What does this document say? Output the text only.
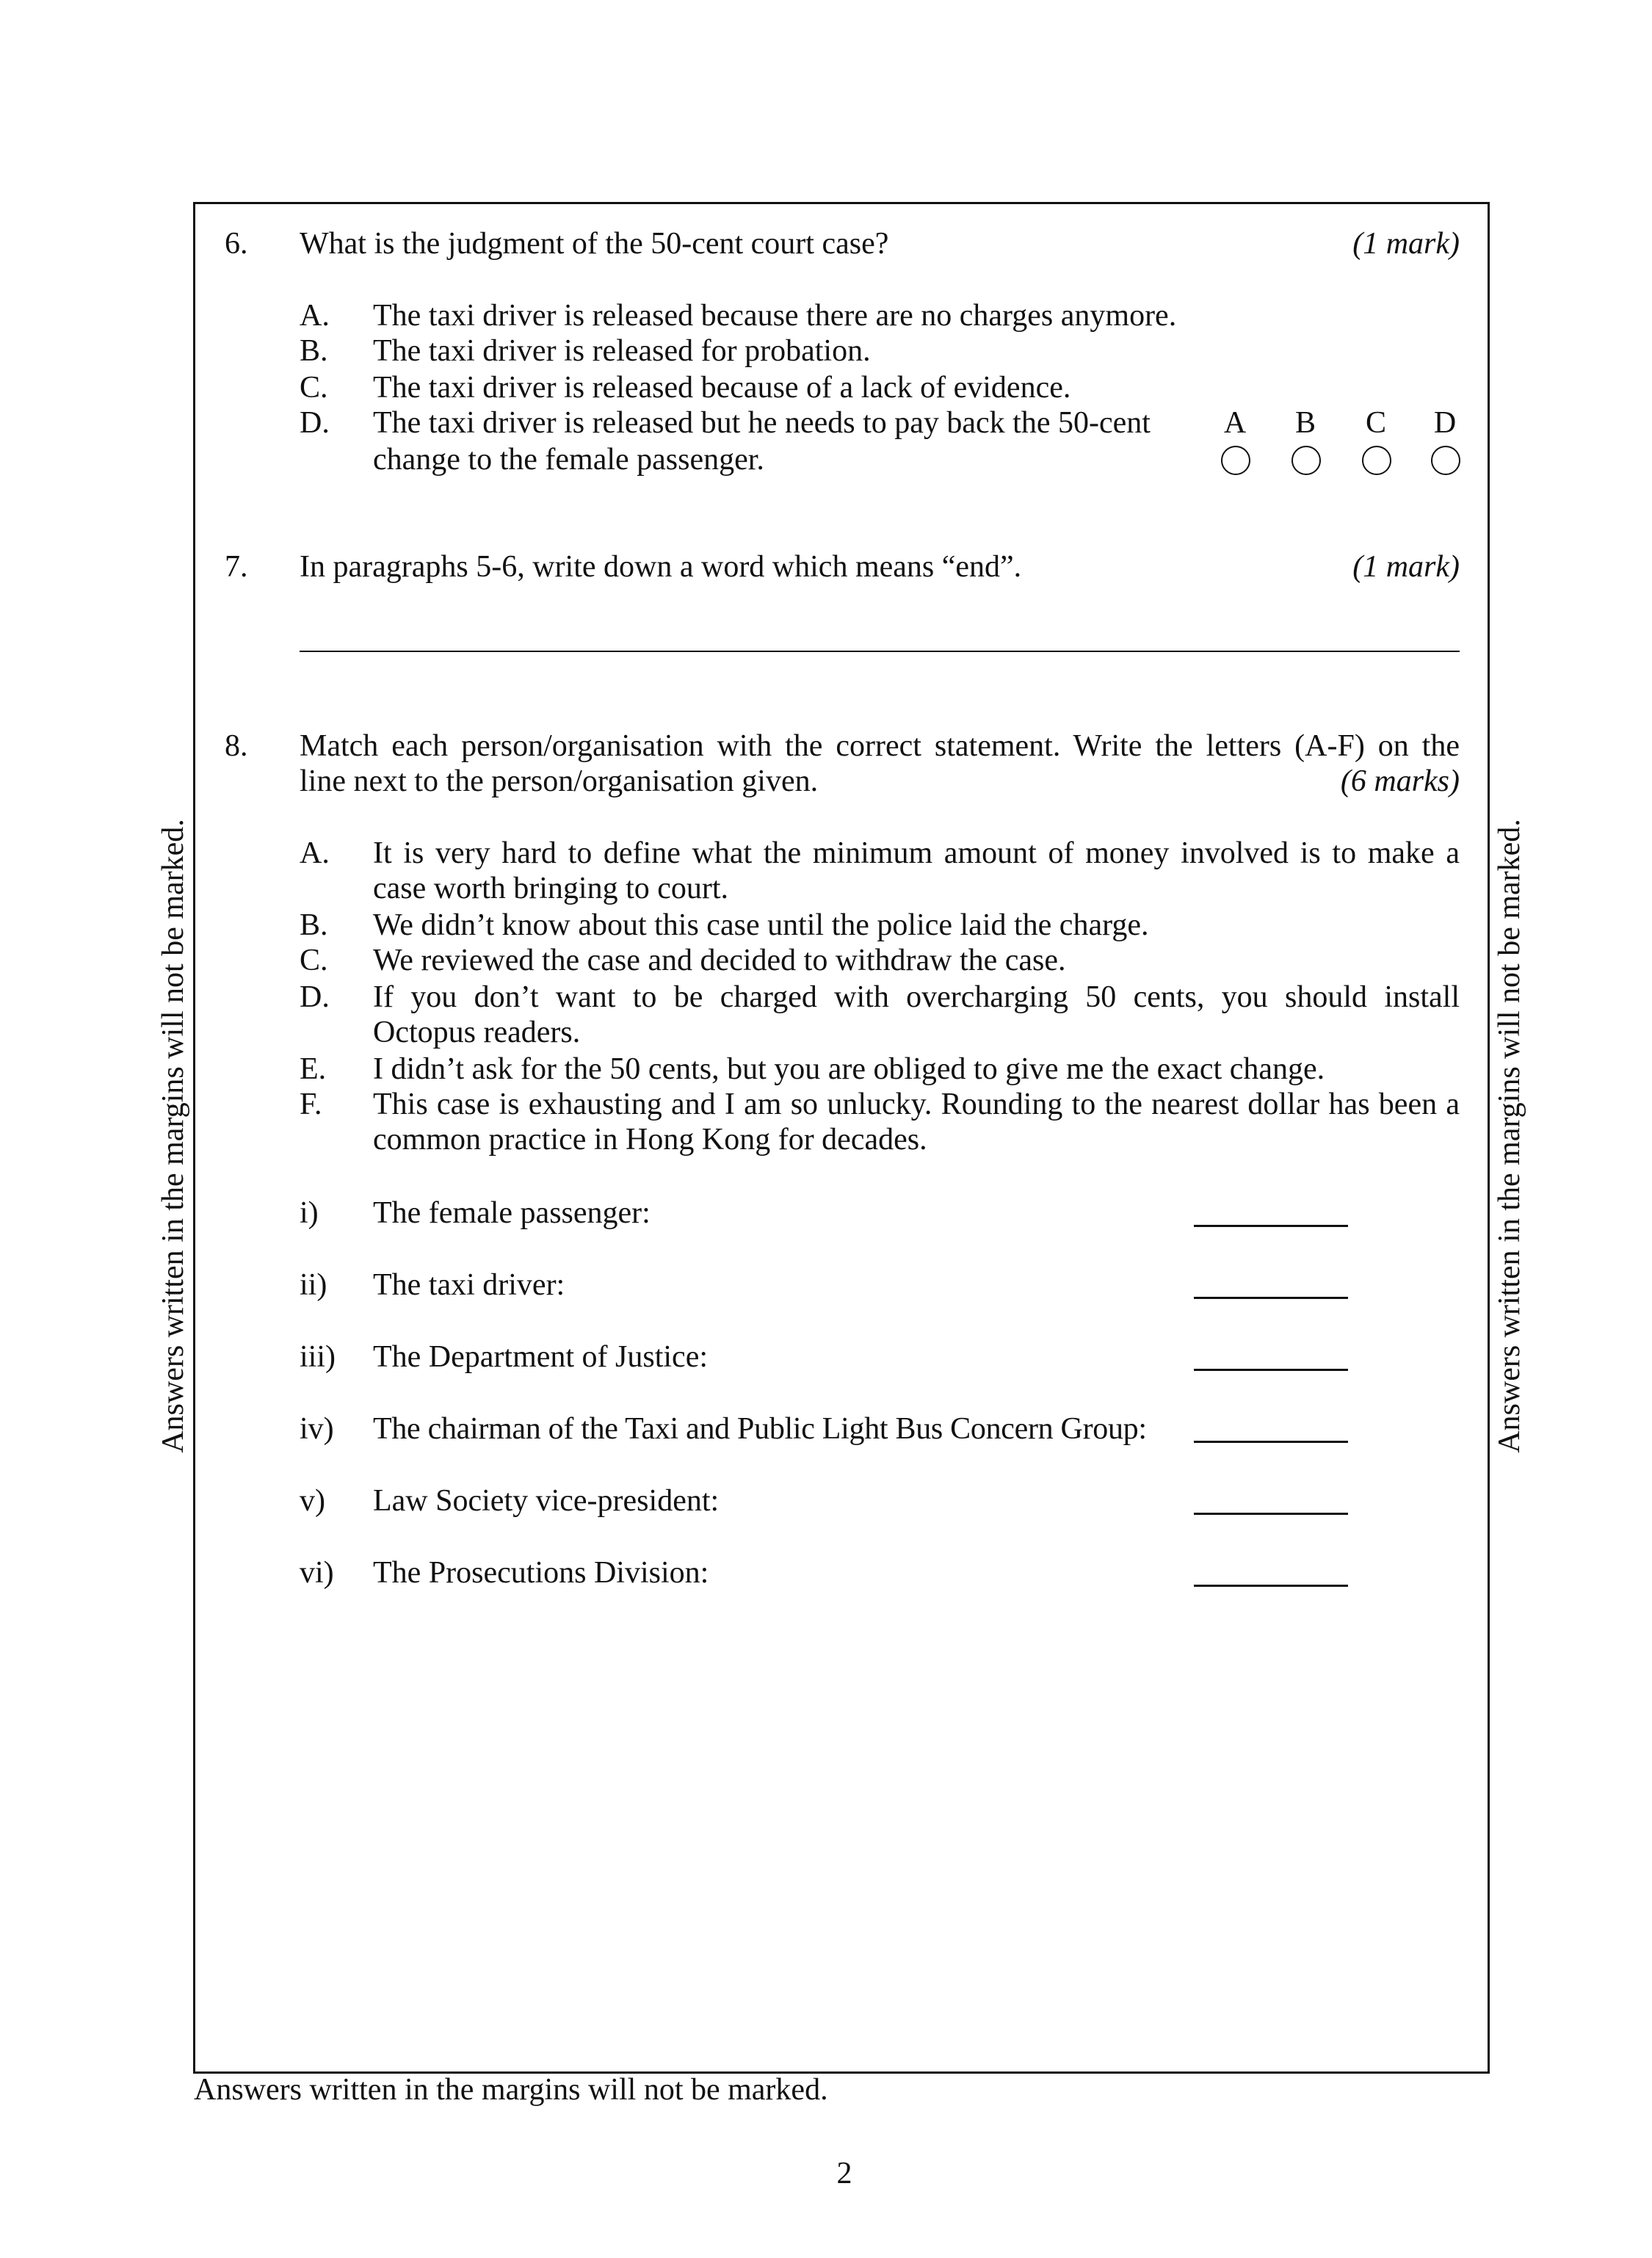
Answers written in the margins will not be marked.	Answers written in the margins will not be marked.
6. What is the judgment of the 50-cent court case?	(1 mark)
A. The taxi driver is released because there are no charges anymore.
B. The taxi driver is released for probation.
C. The taxi driver is released because of a lack of evidence.
D. The taxi driver is released but he needs to pay back the 50-cent
change to the female passenger.
A	B	C	D
7. In paragraphs 5-6, write down a word which means “end”.	(1 mark)
8. Match each person/organisation with the correct statement. Write the letters (A-F) on the
line next to the person/organisation given.	(6 marks)
A. It is very hard to define what the minimum amount of money involved is to make a
case worth bringing to court.
B. We didn’t know about this case until the police laid the charge.
C. We reviewed the case and decided to withdraw the case.
D. If you don’t want to be charged with overcharging 50 cents, you should install
Octopus readers.
E. I didn’t ask for the 50 cents, but you are obliged to give me the exact change.
F. This case is exhausting and I am so unlucky. Rounding to the nearest dollar has been a
common practice in Hong Kong for decades.
i) The female passenger:
ii) The taxi driver:
iii) The Department of Justice:
iv) The chairman of the Taxi and Public Light Bus Concern Group:
v) Law Society vice-president:
vi) The Prosecutions Division:
Answers written in the margins will not be marked.
2
